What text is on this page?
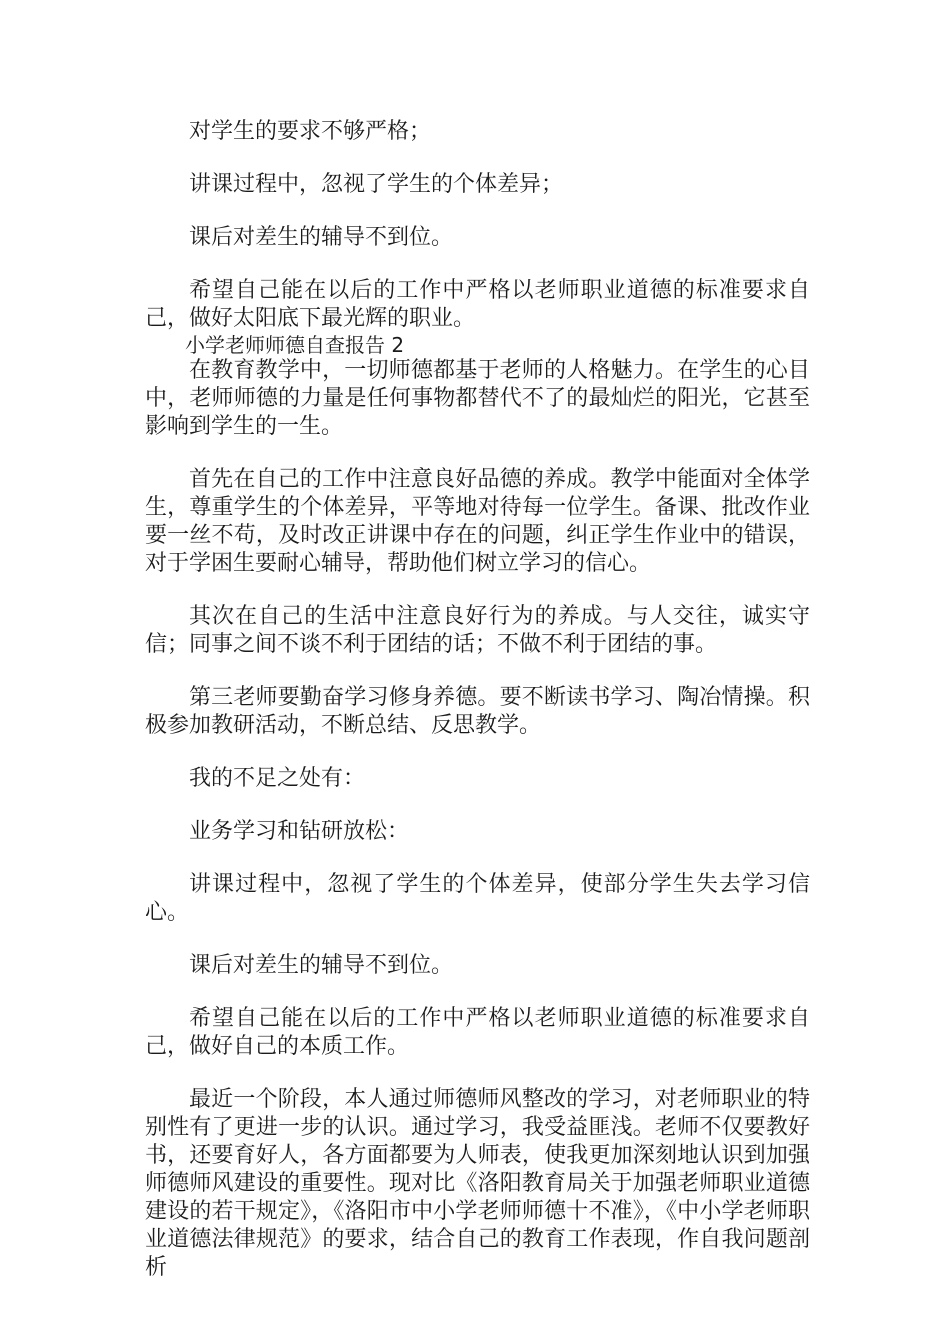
对学生的要求不够严格；

讲课过程中，忽视了学生的个体差异；

课后对差生的辅导不到位。

希望自己能在以后的工作中严格以老师职业道德的标准要求自己，做好太阳底下最光辉的职业。

小学老师师德自查报告 2

在教育教学中，一切师德都基于老师的人格魅力。在学生的心目中，老师师德的力量是任何事物都替代不了的最灿烂的阳光，它甚至影响到学生的一生。

首先在自己的工作中注意良好品德的养成。教学中能面对全体学生，尊重学生的个体差异，平等地对待每一位学生。备课、批改作业要一丝不苟，及时改正讲课中存在的问题，纠正学生作业中的错误，对于学困生要耐心辅导，帮助他们树立学习的信心。

其次在自己的生活中注意良好行为的养成。与人交往，诚实守信；同事之间不谈不利于团结的话；不做不利于团结的事。

第三老师要勤奋学习修身养德。要不断读书学习、陶冶情操。积极参加教研活动，不断总结、反思教学。

我的不足之处有：

业务学习和钻研放松：

讲课过程中，忽视了学生的个体差异，使部分学生失去学习信心。

课后对差生的辅导不到位。

希望自己能在以后的工作中严格以老师职业道德的标准要求自己，做好自己的本质工作。

最近一个阶段，本人通过师德师风整改的学习，对老师职业的特别性有了更进一步的认识。通过学习，我受益匪浅。老师不仅要教好书，还要育好人，各方面都要为人师表，使我更加深刻地认识到加强师德师风建设的重要性。现对比《洛阳教育局关于加强老师职业道德建设的若干规定》，《洛阳市中小学老师师德十不准》，《中小学老师职业道德法律规范》的要求，结合自己的教育工作表现，作自我问题剖析
